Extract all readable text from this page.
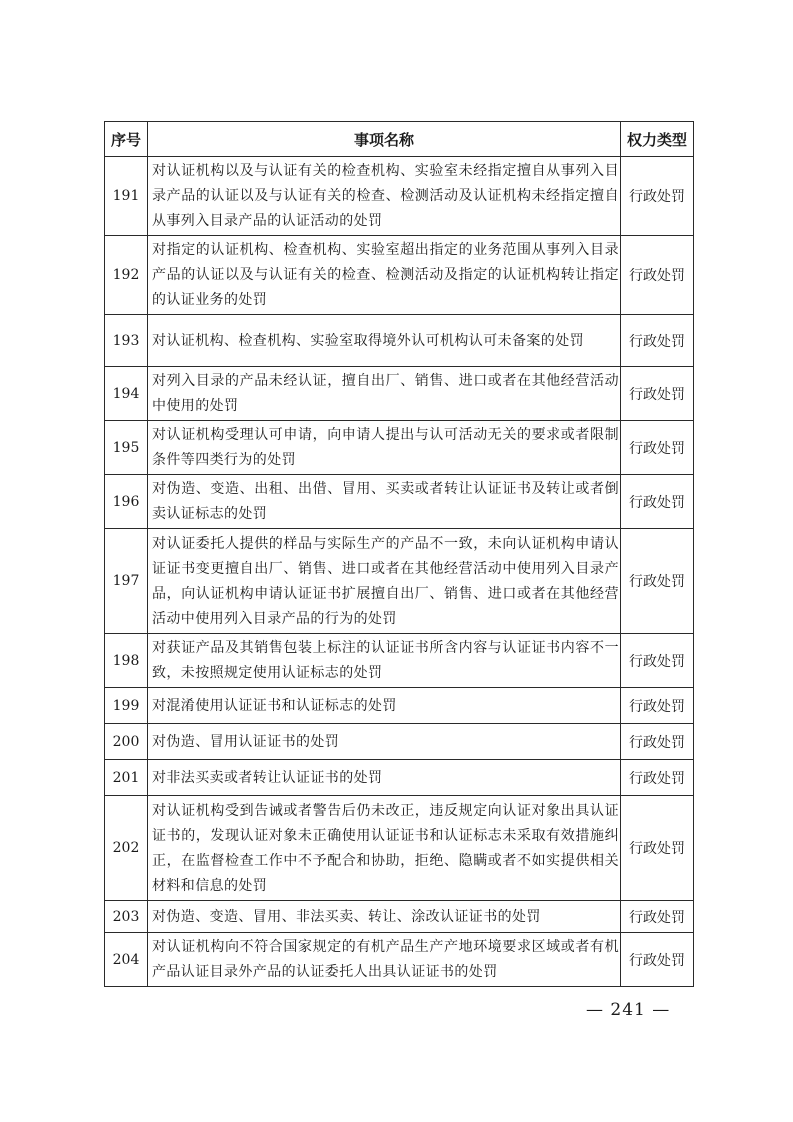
序号	事项名称	权力类型
191	对认证机构以及与认证有关的检查机构、实验室未经指定擅自从事列入目录产品的认证以及与认证有关的检查、检测活动及认证机构未经指定擅自从事列入目录产品的认证活动的处罚	行政处罚
192	对指定的认证机构、检查机构、实验室超出指定的业务范围从事列入目录产品的认证以及与认证有关的检查、检测活动及指定的认证机构转让指定的认证业务的处罚	行政处罚
193	对认证机构、检查机构、实验室取得境外认可机构认可未备案的处罚	行政处罚
194	对列入目录的产品未经认证，擅自出厂、销售、进口或者在其他经营活动中使用的处罚	行政处罚
195	对认证机构受理认可申请，向申请人提出与认可活动无关的要求或者限制条件等四类行为的处罚	行政处罚
196	对伪造、变造、出租、出借、冒用、买卖或者转让认证证书及转让或者倒卖认证标志的处罚	行政处罚
197	对认证委托人提供的样品与实际生产的产品不一致，未向认证机构申请认证证书变更擅自出厂、销售、进口或者在其他经营活动中使用列入目录产品，向认证机构申请认证证书扩展擅自出厂、销售、进口或者在其他经营活动中使用列入目录产品的行为的处罚	行政处罚
198	对获证产品及其销售包装上标注的认证证书所含内容与认证证书内容不一致，未按照规定使用认证标志的处罚	行政处罚
199	对混淆使用认证证书和认证标志的处罚	行政处罚
200	对伪造、冒用认证证书的处罚	行政处罚
201	对非法买卖或者转让认证证书的处罚	行政处罚
202	对认证机构受到告诫或者警告后仍未改正，违反规定向认证对象出具认证证书的，发现认证对象未正确使用认证证书和认证标志未采取有效措施纠正，在监督检查工作中不予配合和协助，拒绝、隐瞒或者不如实提供相关材料和信息的处罚	行政处罚
203	对伪造、变造、冒用、非法买卖、转让、涂改认证证书的处罚	行政处罚
204	对认证机构向不符合国家规定的有机产品生产产地环境要求区域或者有机产品认证目录外产品的认证委托人出具认证证书的处罚	行政处罚
— 241 —
